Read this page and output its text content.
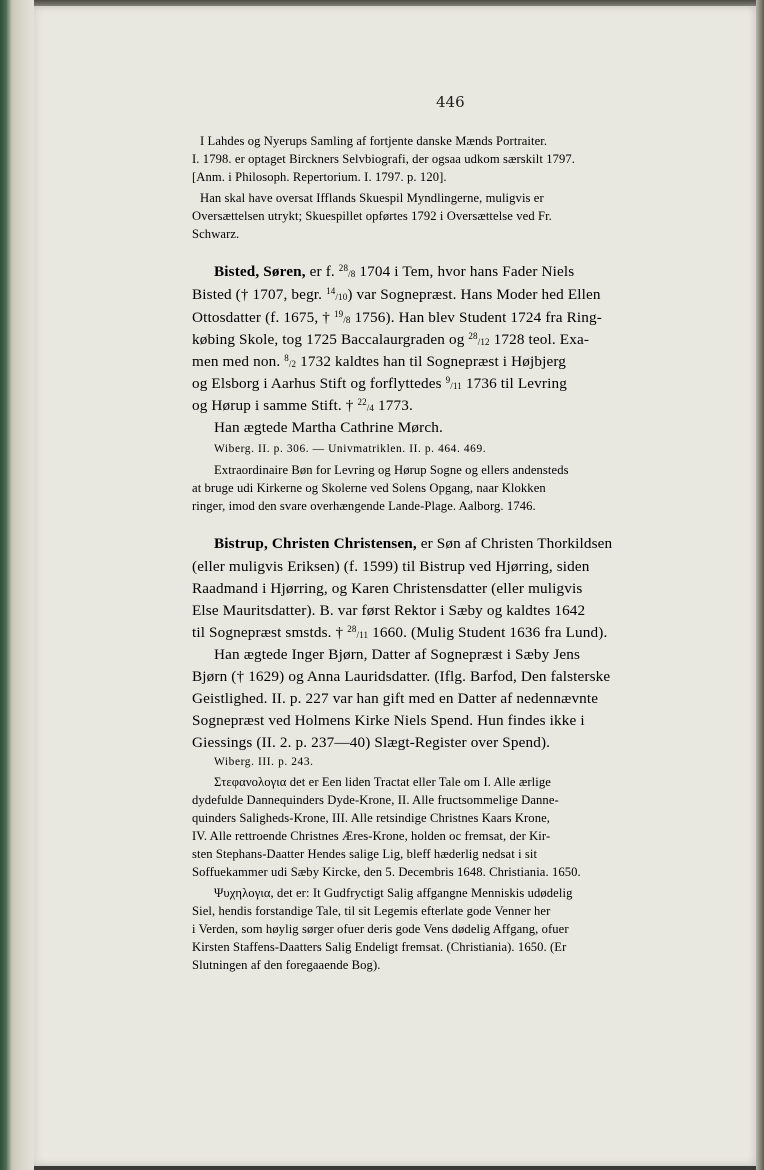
446
I Lahdes og Nyerups Samling af fortjente danske Mænds Portraiter.
I. 1798. er optaget Birckners Selvbiografi, der ogsaa udkom særskilt 1797.
[Anm. i Philosoph. Repertorium. I. 1797. p. 120].
Han skal have oversat Ifflands Skuespil Myndlingerne, muligvis er
Oversættelsen utrykt; Skuespillet opførtes 1792 i Oversættelse ved Fr.
Schwarz.
Bisted, Søren, er f. $^{28}_{/8}$ 1704 i Tem, hvor hans Fader Niels
Bisted († 1707, begr. $^{14}_{/10}$) var Sognepræst. Hans Moder hed Ellen
Ottosdatter (f. 1675, † $^{19}_{/8}$ 1756). Han blev Student 1724 fra Ring-
købing Skole, tog 1725 Baccalaurgraden og $^{28}_{/12}$ 1728 teol. Exa-
men med non. $^8_{/2}$ 1732 kaldtes han til Sognepræst i Højbjerg
og Elsborg i Aarhus Stift og forflyttedes $^9_{/11}$ 1736 til Levring
og Hørup i samme Stift. † $^{22}_{/4}$ 1773.
Han ægtede Martha Cathrine Mørch.
Wiberg. II. p. 306. — Univmatriklen. II. p. 464. 469.
Extraordinaire Bøn for Levring og Hørup Sogne og ellers andensteds
at bruge udi Kirkerne og Skolerne ved Solens Opgang, naar Klokken
ringer, imod den svare overhængende Lande-Plage. Aalborg. 1746.
Bistrup, Christen Christensen, er Søn af Christen Thorkildsen
(eller muligvis Eriksen) (f. 1599) til Bistrup ved Hjørring, siden
Raadmand i Hjørring, og Karen Christensdatter (eller muligvis
Else Mauritsdatter). B. var først Rektor i Sæby og kaldtes 1642
til Sognepræst smstds. † $^{28}_{/11}$ 1660. (Mulig Student 1636 fra Lund).
Han ægtede Inger Bjørn, Datter af Sognepræst i Sæby Jens
Bjørn († 1629) og Anna Lauridsdatter. (Iflg. Barfod, Den falsterske
Geistlighed. II. p. 227 var han gift med en Datter af nedennævnte
Sognepræst ved Holmens Kirke Niels Spend. Hun findes ikke i
Giessings (II. 2. p. 237—40) Slægt-Register over Spend).
Wiberg. III. p. 243.
Στεφανολογια det er Een liden Tractat eller Tale om I. Alle ærlige
dydefulde Dannequinders Dyde-Krone, II. Alle fructsommelige Danne-
quinders Saligheds-Krone, III. Alle retsindige Christnes Kaars Krone,
IV. Alle rettroende Christnes Æres-Krone, holden oc fremsat, der Kir-
sten Stephans-Daatter Hendes salige Lig, bleff hæderlig nedsat i sit
Soffuekammer udi Sæby Kircke, den 5. Decembris 1648. Christiania. 1650.
Ψυχηλογια, det er: It Gudfryctigt Salig affgangne Menniskis udødelig
Siel, hendis forstandige Tale, til sit Legemis efterlate gode Venner her
i Verden, som høylig sørger ofuer deris gode Vens dødelig Affgang, ofuer
Kirsten Staffens-Daatters Salig Endeligt fremsat. (Christiania). 1650. (Er
Slutningen af den foregaaende Bog).
